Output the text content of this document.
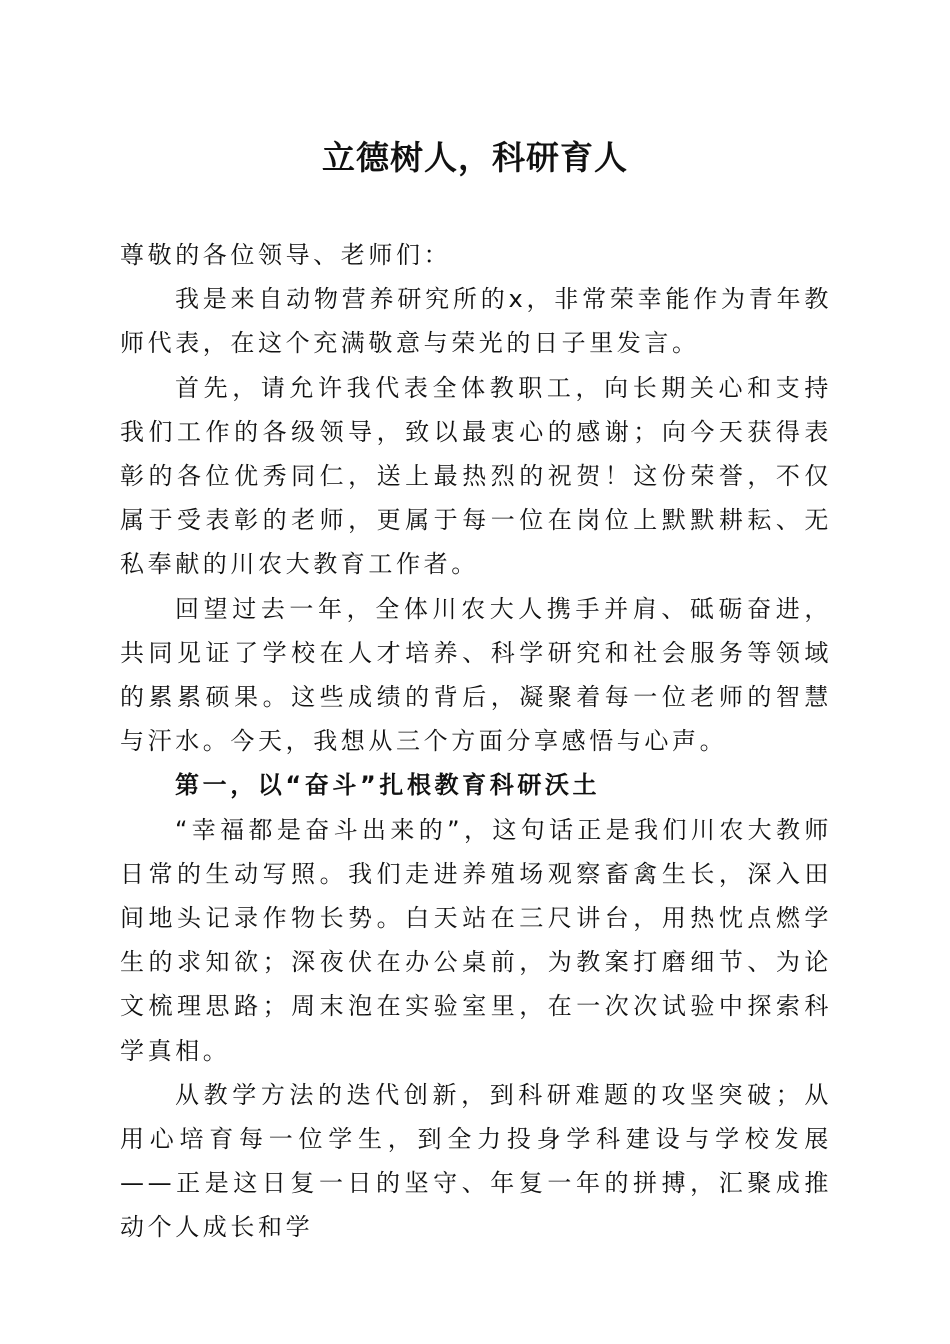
立德树人，科研育人

尊敬的各位领导、老师们：

我是来自动物营养研究所的x，非常荣幸能作为青年教师代表，在这个充满敬意与荣光的日子里发言。

首先，请允许我代表全体教职工，向长期关心和支持我们工作的各级领导，致以最衷心的感谢；向今天获得表彰的各位优秀同仁，送上最热烈的祝贺！这份荣誉，不仅属于受表彰的老师，更属于每一位在岗位上默默耕耘、无私奉献的川农大教育工作者。

回望过去一年，全体川农大人携手并肩、砥砺奋进，共同见证了学校在人才培养、科学研究和社会服务等领域的累累硕果。这些成绩的背后，凝聚着每一位老师的智慧与汗水。今天，我想从三个方面分享感悟与心声。

第一，以“奋斗”扎根教育科研沃土

“幸福都是奋斗出来的”，这句话正是我们川农大教师日常的生动写照。我们走进养殖场观察畜禽生长，深入田间地头记录作物长势。白天站在三尺讲台，用热忱点燃学生的求知欲；深夜伏在办公桌前，为教案打磨细节、为论文梳理思路；周末泡在实验室里，在一次次试验中探索科学真相。

从教学方法的迭代创新，到科研难题的攻坚突破；从用心培育每一位学生，到全力投身学科建设与学校发展——正是这日复一日的坚守、年复一年的拼搏，汇聚成推动个人成长和学
